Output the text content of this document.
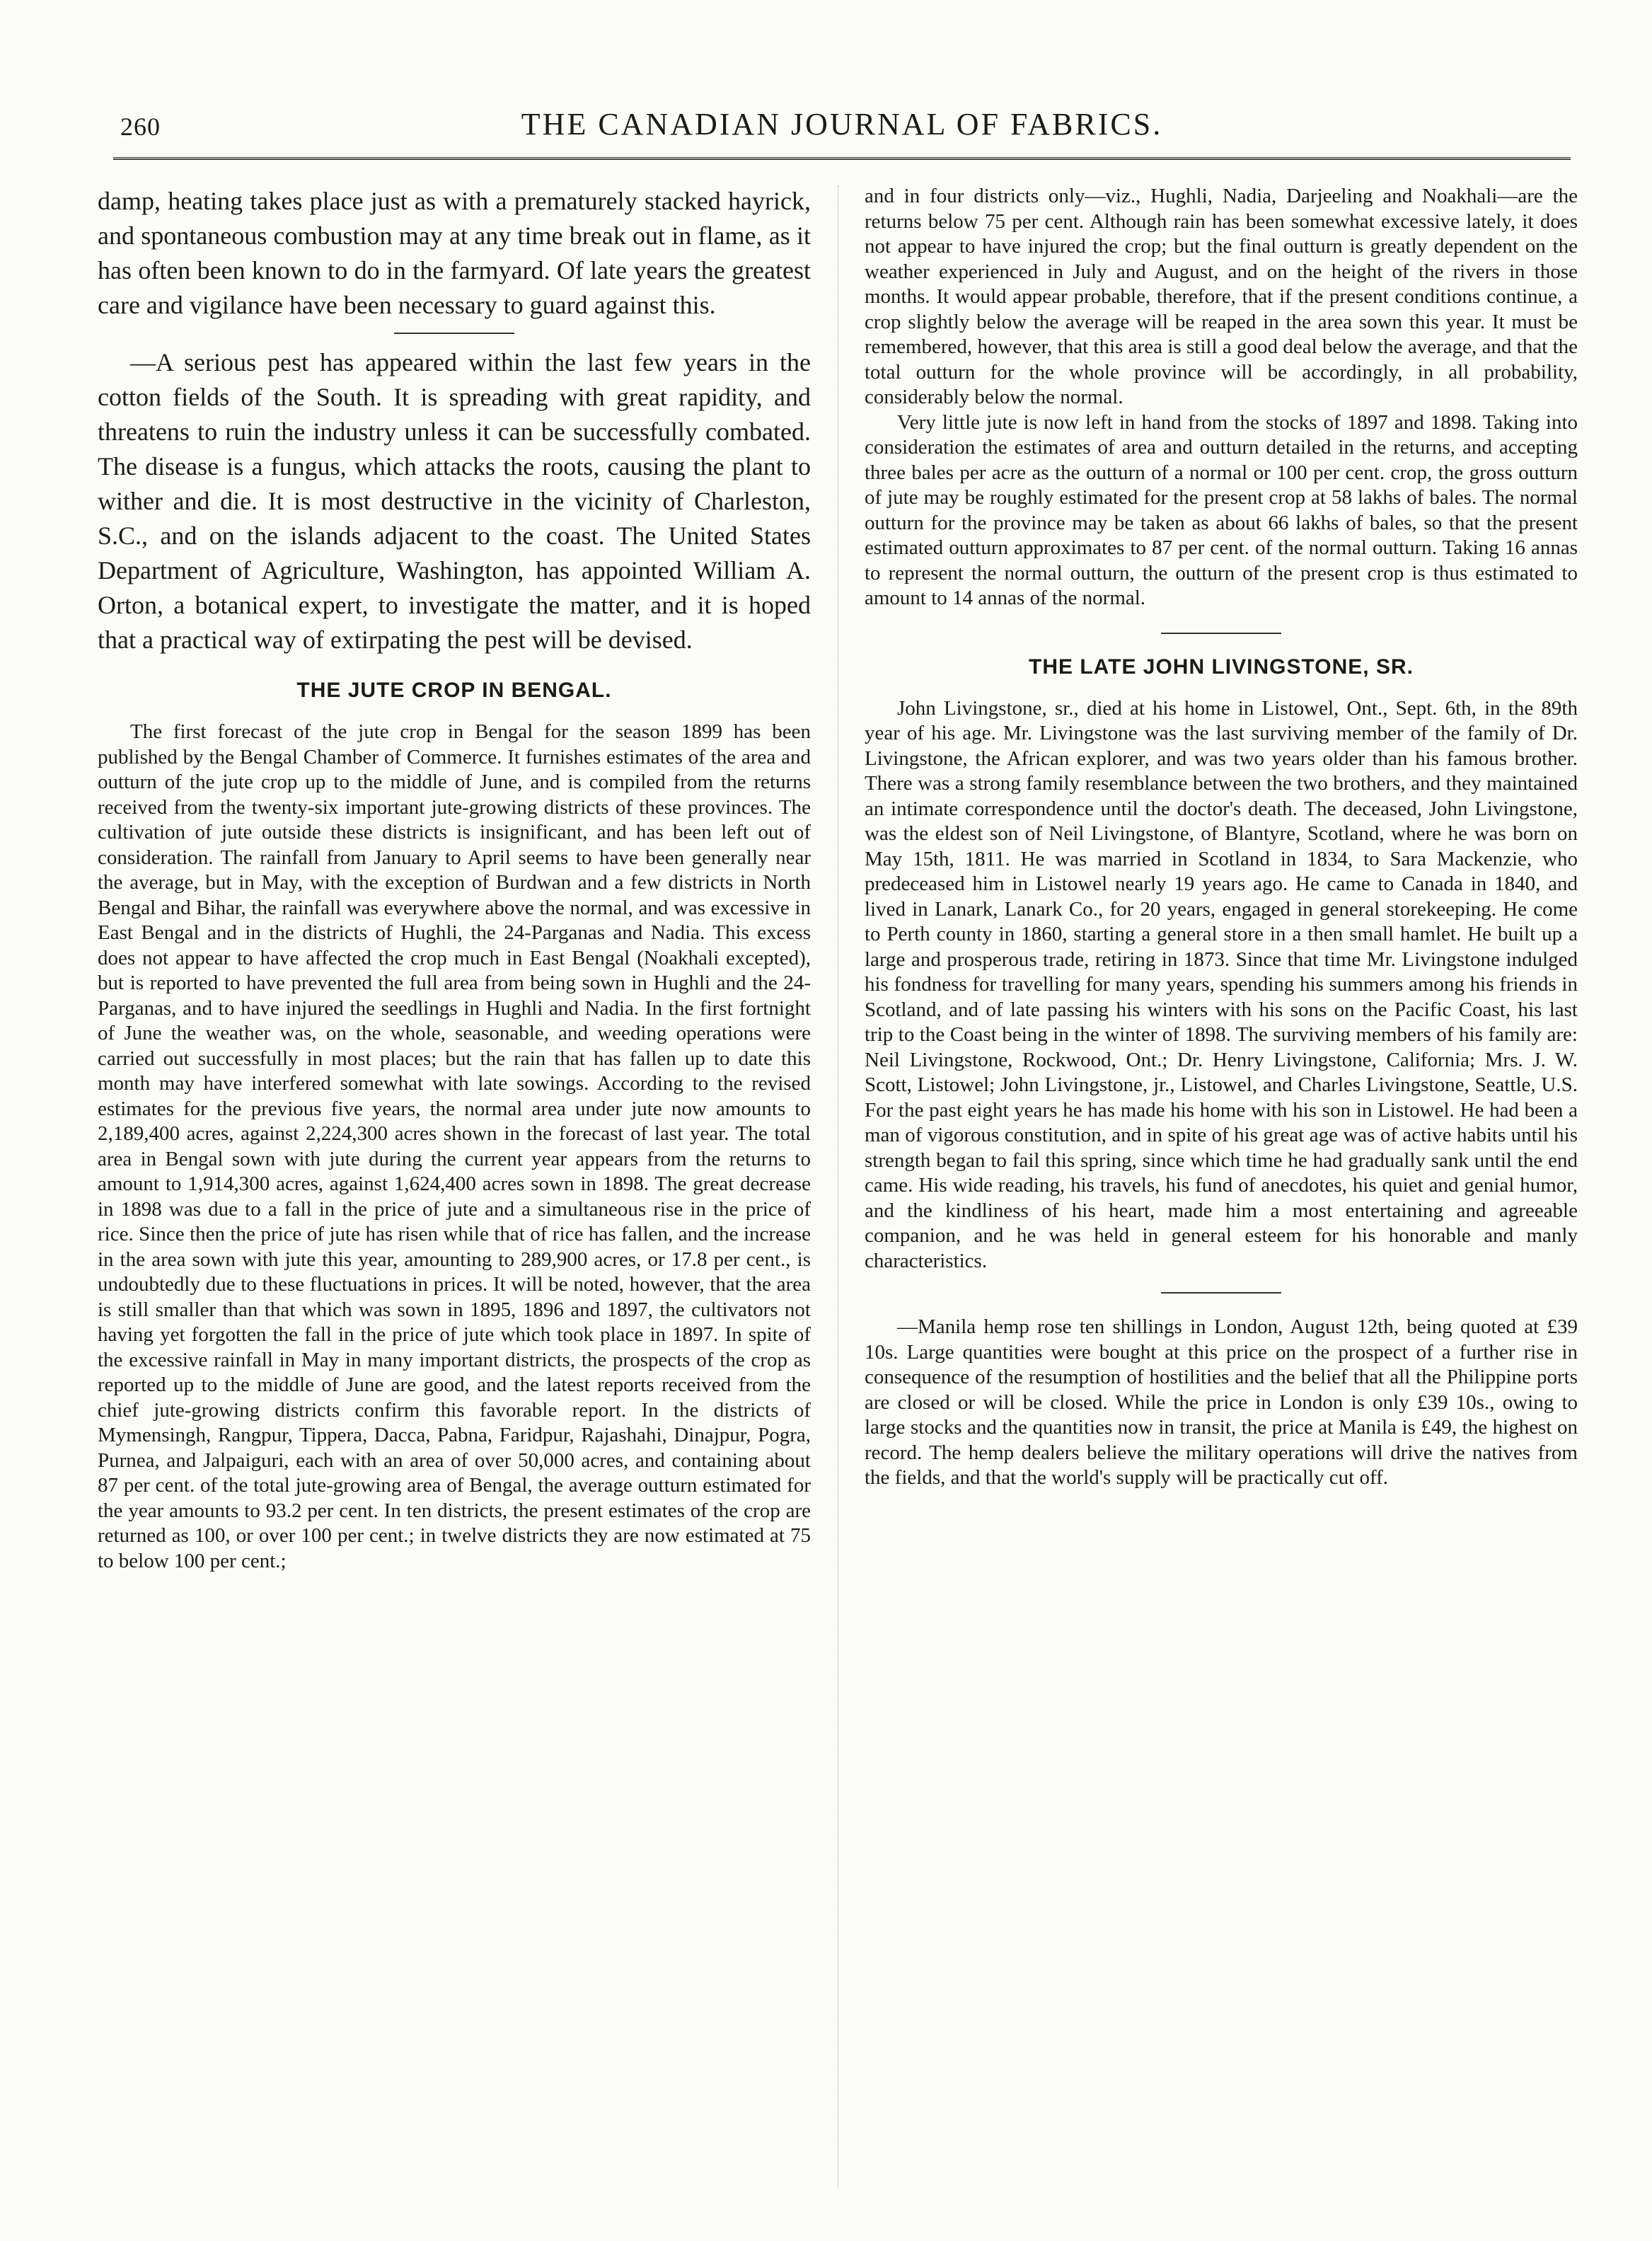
260	THE CANADIAN JOURNAL OF FABRICS.

damp, heating takes place just as with a prematurely stacked hayrick, and spontaneous combustion may at any time break out in flame, as it has often been known to do in the farmyard. Of late years the greatest care and vigilance have been necessary to guard against this.

—A serious pest has appeared within the last few years in the cotton fields of the South. It is spreading with great rapidity, and threatens to ruin the industry unless it can be successfully combated. The disease is a fungus, which attacks the roots, causing the plant to wither and die. It is most destructive in the vicinity of Charleston, S.C., and on the islands adjacent to the coast. The United States Department of Agriculture, Washington, has appointed William A. Orton, a botanical expert, to investigate the matter, and it is hoped that a practical way of extirpating the pest will be devised.

THE JUTE CROP IN BENGAL.

The first forecast of the jute crop in Bengal for the season 1899 has been published by the Bengal Chamber of Commerce. It furnishes estimates of the area and outturn of the jute crop up to the middle of June, and is compiled from the returns received from the twenty-six important jute-growing districts of these provinces. The cultivation of jute outside these districts is insignificant, and has been left out of consideration. The rainfall from January to April seems to have been generally near the average, but in May, with the exception of Burdwan and a few districts in North Bengal and Bihar, the rainfall was everywhere above the normal, and was excessive in East Bengal and in the districts of Hughli, the 24-Parganas and Nadia. This excess does not appear to have affected the crop much in East Bengal (Noakhali excepted), but is reported to have prevented the full area from being sown in Hughli and the 24-Parganas, and to have injured the seedlings in Hughli and Nadia. In the first fortnight of June the weather was, on the whole, seasonable, and weeding operations were carried out successfully in most places; but the rain that has fallen up to date this month may have interfered somewhat with late sowings. According to the revised estimates for the previous five years, the normal area under jute now amounts to 2,189,400 acres, against 2,224,300 acres shown in the forecast of last year. The total area in Bengal sown with jute during the current year appears from the returns to amount to 1,914,300 acres, against 1,624,400 acres sown in 1898. The great decrease in 1898 was due to a fall in the price of jute and a simultaneous rise in the price of rice. Since then the price of jute has risen while that of rice has fallen, and the increase in the area sown with jute this year, amounting to 289,900 acres, or 17.8 per cent., is undoubtedly due to these fluctuations in prices. It will be noted, however, that the area is still smaller than that which was sown in 1895, 1896 and 1897, the cultivators not having yet forgotten the fall in the price of jute which took place in 1897. In spite of the excessive rainfall in May in many important districts, the prospects of the crop as reported up to the middle of June are good, and the latest reports received from the chief jute-growing districts confirm this favorable report. In the districts of Mymensingh, Rangpur, Tippera, Dacca, Pabna, Faridpur, Rajashahi, Dinajpur, Pogra, Purnea, and Jalpaiguri, each with an area of over 50,000 acres, and containing about 87 per cent. of the total jute-growing area of Bengal, the average outturn estimated for the year amounts to 93.2 per cent. In ten districts, the present estimates of the crop are returned as 100, or over 100 per cent.; in twelve districts they are now estimated at 75 to below 100 per cent.;

and in four districts only—viz., Hughli, Nadia, Darjeeling and Noakhali—are the returns below 75 per cent. Although rain has been somewhat excessive lately, it does not appear to have injured the crop; but the final outturn is greatly dependent on the weather experienced in July and August, and on the height of the rivers in those months. It would appear probable, therefore, that if the present conditions continue, a crop slightly below the average will be reaped in the area sown this year. It must be remembered, however, that this area is still a good deal below the average, and that the total outturn for the whole province will be accordingly, in all probability, considerably below the normal.

Very little jute is now left in hand from the stocks of 1897 and 1898. Taking into consideration the estimates of area and outturn detailed in the returns, and accepting three bales per acre as the outturn of a normal or 100 per cent. crop, the gross outturn of jute may be roughly estimated for the present crop at 58 lakhs of bales. The normal outturn for the province may be taken as about 66 lakhs of bales, so that the present estimated outturn approximates to 87 per cent. of the normal outturn. Taking 16 annas to represent the normal outturn, the outturn of the present crop is thus estimated to amount to 14 annas of the normal.

THE LATE JOHN LIVINGSTONE, SR.

John Livingstone, sr., died at his home in Listowel, Ont., Sept. 6th, in the 89th year of his age. Mr. Livingstone was the last surviving member of the family of Dr. Livingstone, the African explorer, and was two years older than his famous brother. There was a strong family resemblance between the two brothers, and they maintained an intimate correspondence until the doctor's death. The deceased, John Livingstone, was the eldest son of Neil Livingstone, of Blantyre, Scotland, where he was born on May 15th, 1811. He was married in Scotland in 1834, to Sara Mackenzie, who predeceased him in Listowel nearly 19 years ago. He came to Canada in 1840, and lived in Lanark, Lanark Co., for 20 years, engaged in general storekeeping. He come to Perth county in 1860, starting a general store in a then small hamlet. He built up a large and prosperous trade, retiring in 1873. Since that time Mr. Livingstone indulged his fondness for travelling for many years, spending his summers among his friends in Scotland, and of late passing his winters with his sons on the Pacific Coast, his last trip to the Coast being in the winter of 1898. The surviving members of his family are: Neil Livingstone, Rockwood, Ont.; Dr. Henry Livingstone, California; Mrs. J. W. Scott, Listowel; John Livingstone, jr., Listowel, and Charles Livingstone, Seattle, U.S. For the past eight years he has made his home with his son in Listowel. He had been a man of vigorous constitution, and in spite of his great age was of active habits until his strength began to fail this spring, since which time he had gradually sank until the end came. His wide reading, his travels, his fund of anecdotes, his quiet and genial humor, and the kindliness of his heart, made him a most entertaining and agreeable companion, and he was held in general esteem for his honorable and manly characteristics.

—Manila hemp rose ten shillings in London, August 12th, being quoted at £39 10s. Large quantities were bought at this price on the prospect of a further rise in consequence of the resumption of hostilities and the belief that all the Philippine ports are closed or will be closed. While the price in London is only £39 10s., owing to large stocks and the quantities now in transit, the price at Manila is £49, the highest on record. The hemp dealers believe the military operations will drive the natives from the fields, and that the world's supply will be practically cut off.
